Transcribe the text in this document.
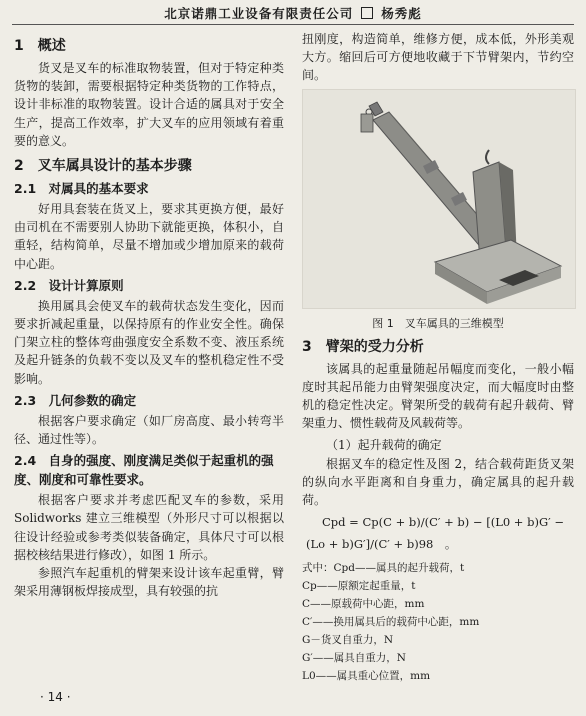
北京诺鼎工业设备有限责任公司 杨秀彪
1　概述

货叉是叉车的标准取物装置，但对于特定种类货物的装卸，需要根据特定种类货物的工作特点，设计非标准的取物装置。设计合适的属具对于安全生产，提高工作效率，扩大叉车的应用领域有着重要的意义。

2　叉车属具设计的基本步骤
2.1　对属具的基本要求

好用具套装在货叉上，要求其更换方便，最好由司机在不需要别人协助下就能更换，体积小，自重轻，结构简单，尽量不增加或少增加原来的载荷中心距。

2.2　设计计算原则

换用属具会使叉车的载荷状态发生变化，因而要求折减起重量，以保持原有的作业安全性。确保门架立柱的整体弯曲强度安全系数不变、液压系统及起升链条的负载不变以及叉车的整机稳定性不受影响。

2.3　几何参数的确定

根据客户要求确定（如厂房高度、最小转弯半径、通过性等）。

2.4　自身的强度、刚度满足类似于起重机的强度、刚度和可靠性要求。

根据客户要求并考虑匹配叉车的参数，采用 Solidworks 建立三维模型（外形尺寸可以根据以往设计经验或参考类似装备确定，具体尺寸可以根据校核结果进行修改），如图 1 所示。

参照汽车起重机的臂架来设计该车起重臂，臂架采用薄钢板焊接成型，具有较强的抗

扭刚度，构造简单，维修方便，成本低，外形美观大方。缩回后可方便地收藏于下节臂架内，节约空间。

图 1　叉车属具的三维模型
3　臂架的受力分析

该属具的起重量随起吊幅度而变化，一般小幅度时其起吊能力由臂架强度决定，而大幅度时由整机的稳定性决定。臂架所受的载荷有起升载荷、臂架重力、惯性载荷及风载荷等。

（1）起升载荷的确定

根据叉车的稳定性及图 2，结合载荷距货叉架的纵向水平距离和自身重力，确定属具的起升载荷。

Cpd = Cp(C + b)/(C′ + b) − [(L0 + b)G′ −
(Lo + b)G′]/(C′ + b)98　。

式中：Cpd——属具的起升载荷，t

Cp——原额定起重量，t

C——原载荷中心距，mm

C′——换用属具后的载荷中心距，mm

G－货叉自重力，N

G′——属具自重力，N

L0——属具重心位置，mm

· 14 ·
